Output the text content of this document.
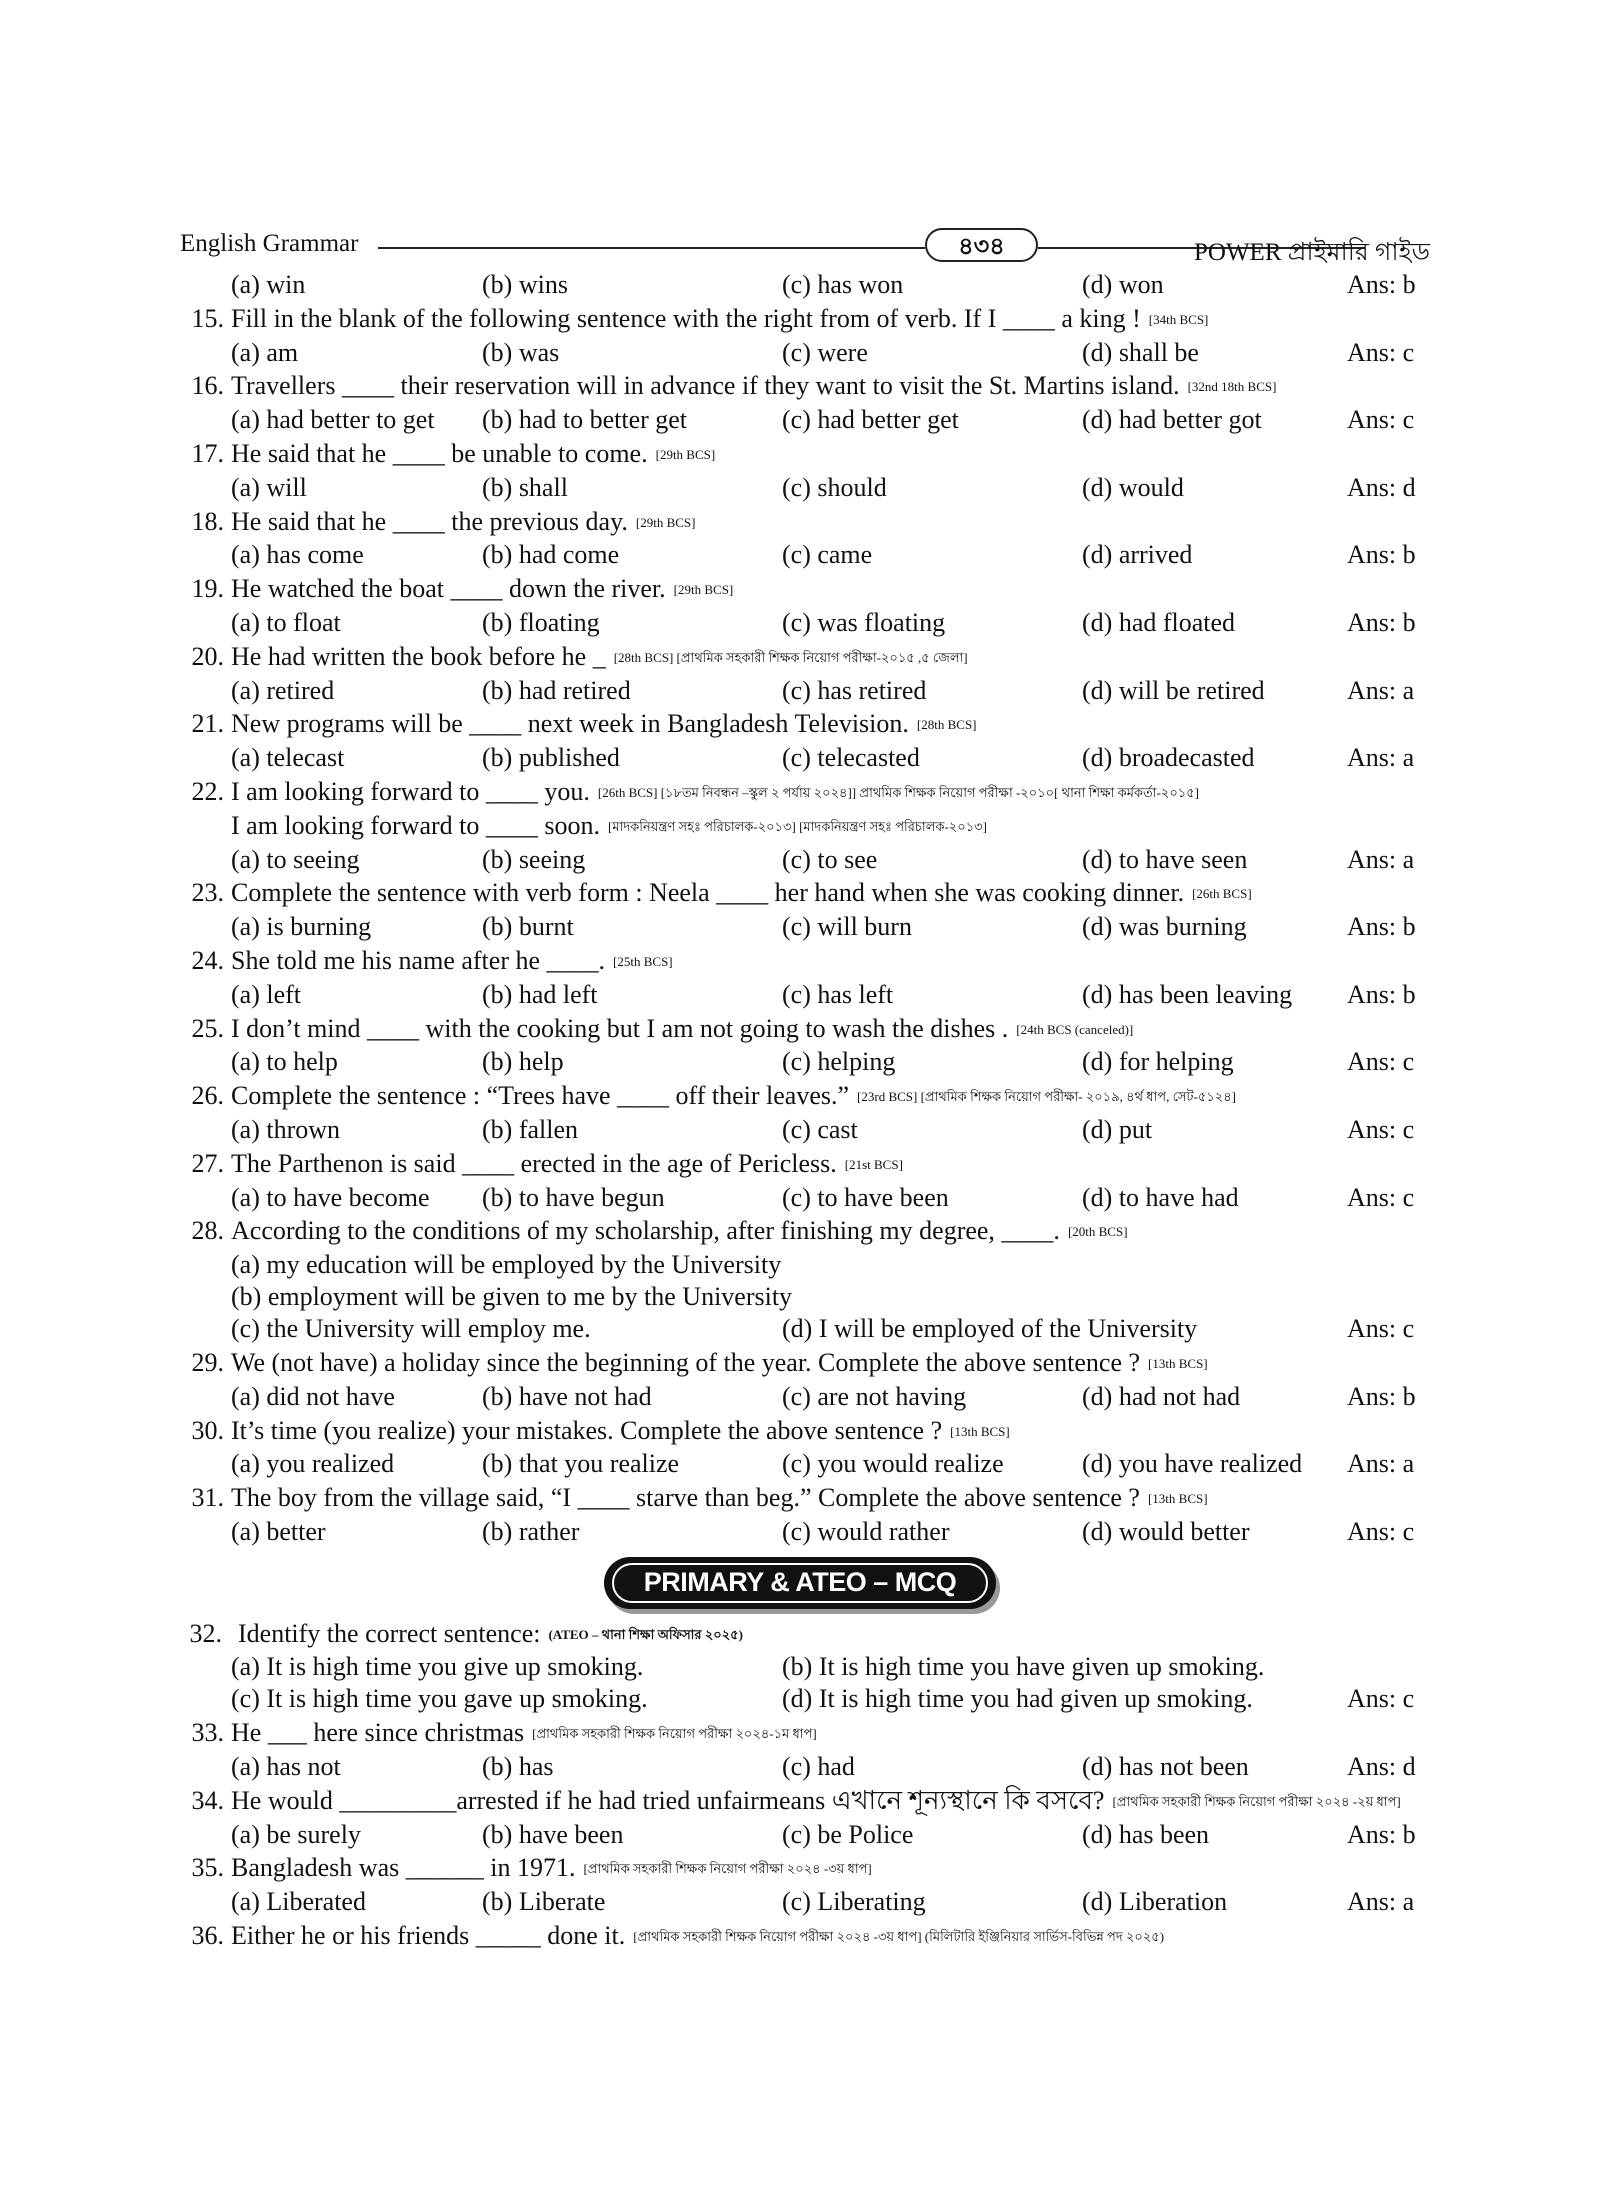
English Grammar	৪৩৪	POWER প্রাইমারি গাইড
(a) win	(b) wins	(c) has won	(d) won	Ans: b
15. Fill in the blank of the following sentence with the right from of verb. If I ____ a king ! [34th BCS]
(a) am	(b) was	(c) were	(d) shall be	Ans: c
16. Travellers ____ their reservation will in advance if they want to visit the St. Martins island. [32nd 18th BCS]
(a) had better to get (b) had to better get	(c) had better get	(d) had better got	Ans: c
17. He said that he ____ be unable to come. [29th BCS]
(a) will	(b) shall	(c) should	(d) would	Ans: d
18. He said that he ____ the previous day. [29th BCS]
(a) has come	(b) had come	(c) came	(d) arrived	Ans: b
19. He watched the boat ____ down the river. [29th BCS]
(a) to float	(b) floating	(c) was floating	(d) had floated	Ans: b
20. He had written the book before he _ [28th BCS] [প্রাথমিক সহকারী শিক্ষক নিয়োগ পরীক্ষা-২০১৫ ,৫ জেলা]
(a) retired	(b) had retired	(c) has retired	(d) will be retired	Ans: a
21. New programs will be ____ next week in Bangladesh Television. [28th BCS]
(a) telecast	(b) published	(c) telecasted	(d) broadecasted	Ans: a
22. I am looking forward to ____ you. [26th BCS] [১৮তম নিবন্ধন –স্কুল ২ পর্যায় ২০২৪]] প্রাথমিক শিক্ষক নিয়োগ পরীক্ষা -২০১০[ থানা শিক্ষা কর্মকর্তা-২০১৫]
I am looking forward to ____ soon. [মাদকনিয়ন্ত্রণ সহঃ পরিচালক-২০১৩] [মাদকনিয়ন্ত্রণ সহঃ পরিচালক-২০১৩]
(a) to seeing	(b) seeing	(c) to see	(d) to have seen	Ans: a
23. Complete the sentence with verb form : Neela ____ her hand when she was cooking dinner. [26th BCS]
(a) is burning	(b) burnt	(c) will burn	(d) was burning	Ans: b
24. She told me his name after he ____. [25th BCS]
(a) left	(b) had left	(c) has left	(d) has been leaving Ans: b
25. I don’t mind ____ with the cooking but I am not going to wash the dishes . [24th BCS (canceled)]
(a) to help	(b) help	(c) helping	(d) for helping	Ans: c
26. Complete the sentence : “Trees have ____ off their leaves.” [23rd BCS] [প্রাথমিক শিক্ষক নিয়োগ পরীক্ষা- ২০১৯, ৪র্থ ধাপ, সেট-৫১২৪]
(a) thrown	(b) fallen	(c) cast	(d) put	Ans: c
27. The Parthenon is said ____ erected in the age of Pericless. [21st BCS]
(a) to have become (b) to have begun	(c) to have been	(d) to have had	Ans: c
28. According to the conditions of my scholarship, after finishing my degree, ____. [20th BCS]
(a) my education will be employed by the University
(b) employment will be given to me by the University
(c) the University will employ me.	(d) I will be employed of the University	Ans: c
29. We (not have) a holiday since the beginning of the year. Complete the above sentence ? [13th BCS]
(a) did not have	(b) have not had	(c) are not having	(d) had not had	Ans: b
30. It’s time (you realize) your mistakes. Complete the above sentence ? [13th BCS]
(a) you realized	(b) that you realize	(c) you would realize	(d) you have realized Ans: a
31. The boy from the village said, “I ____ starve than beg.” Complete the above sentence ? [13th BCS]
(a) better	(b) rather	(c) would rather	(d) would better	Ans: c
PRIMARY & ATEO – MCQ
32. Identify the correct sentence: (ATEO – থানা শিক্ষা অফিসার ২০২৫)
(a) It is high time you give up smoking.	(b) It is high time you have given up smoking.
(c) It is high time you gave up smoking.	(d) It is high time you had given up smoking.	Ans: c
33. He ___ here since christmas [প্রাথমিক সহকারী শিক্ষক নিয়োগ পরীক্ষা ২০২৪-১ম ধাপ]
(a) has not	(b) has	(c) had	(d) has not been	Ans: d
34. He would _________arrested if he had tried unfairmeans এখানে শূন্যস্থানে কি বসবে? [প্রাথমিক সহকারী শিক্ষক নিয়োগ পরীক্ষা ২০২৪ -২য় ধাপ]
(a) be surely	(b) have been	(c) be Police	(d) has been	Ans: b
35. Bangladesh was ______ in 1971. [প্রাথমিক সহকারী শিক্ষক নিয়োগ পরীক্ষা ২০২৪ -৩য় ধাপ]
(a) Liberated	(b) Liberate	(c) Liberating	(d) Liberation	Ans: a
36. Either he or his friends _____ done it. [প্রাথমিক সহকারী শিক্ষক নিয়োগ পরীক্ষা ২০২৪ -৩য় ধাপ] (মিলিটারি ইঞ্জিনিয়ার সার্ভিস-বিভিন্ন পদ ২০২৫)
